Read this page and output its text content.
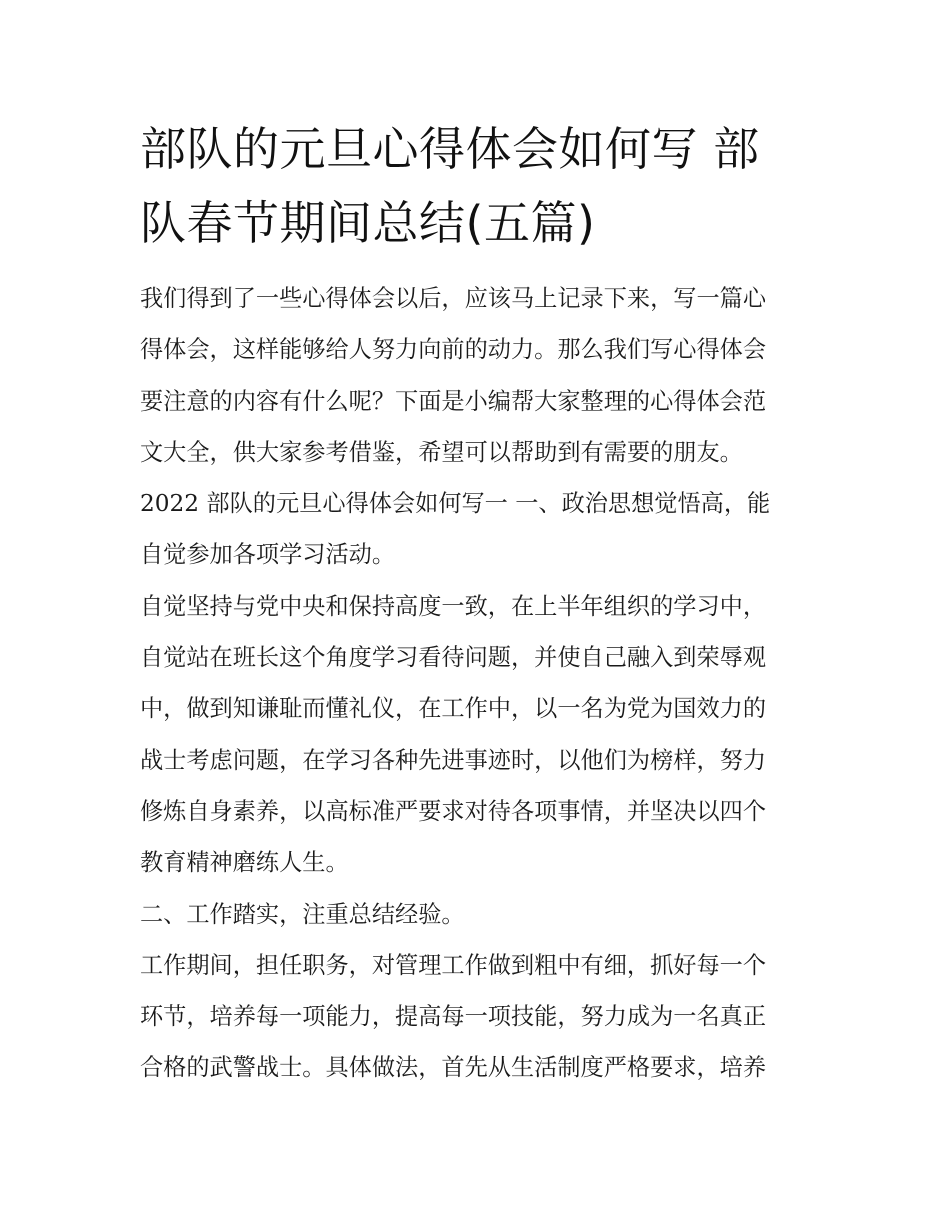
部队的元旦心得体会如何写 部
队春节期间总结(五篇)
我们得到了一些心得体会以后，应该马上记录下来，写一篇心
得体会，这样能够给人努力向前的动力。那么我们写心得体会
要注意的内容有什么呢？下面是小编帮大家整理的心得体会范
文大全，供大家参考借鉴，希望可以帮助到有需要的朋友。
2022 部队的元旦心得体会如何写一 一、政治思想觉悟高，能
自觉参加各项学习活动。
自觉坚持与党中央和保持高度一致，在上半年组织的学习中，
自觉站在班长这个角度学习看待问题，并使自己融入到荣辱观
中，做到知谦耻而懂礼仪，在工作中，以一名为党为国效力的
战士考虑问题，在学习各种先进事迹时，以他们为榜样，努力
修炼自身素养，以高标准严要求对待各项事情，并坚决以四个
教育精神磨练人生。
二、工作踏实，注重总结经验。
工作期间，担任职务，对管理工作做到粗中有细，抓好每一个
环节，培养每一项能力，提高每一项技能，努力成为一名真正
合格的武警战士。具体做法，首先从生活制度严格要求，培养
